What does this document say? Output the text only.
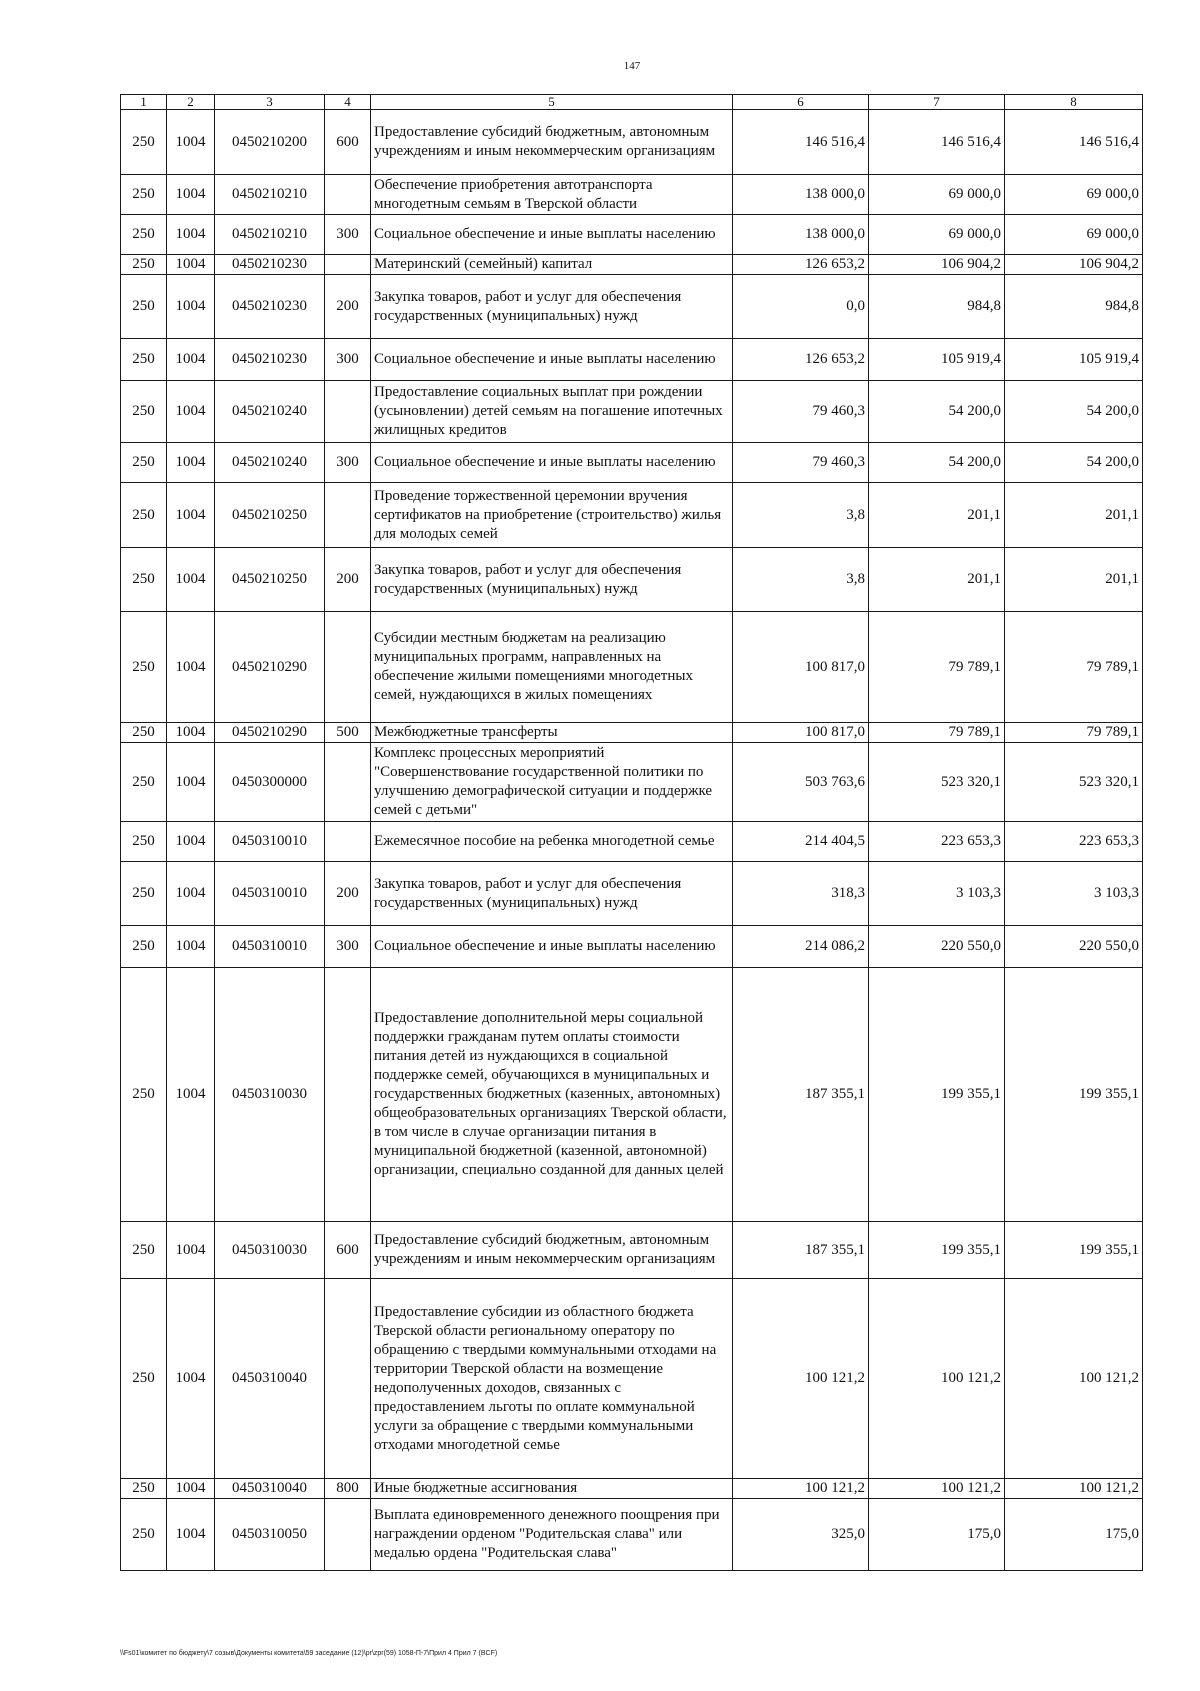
147
1	2	3	4	5	6	7	8
250	1004	0450210200	600	Предоставление субсидий бюджетным, автономным учреждениям и иным некоммерческим организациям	146 516,4	146 516,4	146 516,4
250	1004	0450210210		Обеспечение приобретения автотранспорта многодетным семьям в Тверской области	138 000,0	69 000,0	69 000,0
250	1004	0450210210	300	Социальное обеспечение и иные выплаты населению	138 000,0	69 000,0	69 000,0
250	1004	0450210230		Материнский (семейный) капитал	126 653,2	106 904,2	106 904,2
250	1004	0450210230	200	Закупка товаров, работ и услуг для обеспечения государственных (муниципальных) нужд	0,0	984,8	984,8
250	1004	0450210230	300	Социальное обеспечение и иные выплаты населению	126 653,2	105 919,4	105 919,4
250	1004	0450210240		Предоставление социальных выплат при рождении (усыновлении) детей семьям на погашение ипотечных жилищных кредитов	79 460,3	54 200,0	54 200,0
250	1004	0450210240	300	Социальное обеспечение и иные выплаты населению	79 460,3	54 200,0	54 200,0
250	1004	0450210250		Проведение торжественной церемонии вручения сертификатов на приобретение (строительство) жилья для молодых семей	3,8	201,1	201,1
250	1004	0450210250	200	Закупка товаров, работ и услуг для обеспечения государственных (муниципальных) нужд	3,8	201,1	201,1
250	1004	0450210290		Субсидии местным бюджетам на реализацию муниципальных программ, направленных на обеспечение жилыми помещениями многодетных семей, нуждающихся в жилых помещениях	100 817,0	79 789,1	79 789,1
250	1004	0450210290	500	Межбюджетные трансферты	100 817,0	79 789,1	79 789,1
250	1004	0450300000		Комплекс процессных мероприятий "Совершенствование государственной политики по улучшению демографической ситуации и поддержке семей с детьми"	503 763,6	523 320,1	523 320,1
250	1004	0450310010		Ежемесячное пособие на ребенка многодетной семье	214 404,5	223 653,3	223 653,3
250	1004	0450310010	200	Закупка товаров, работ и услуг для обеспечения государственных (муниципальных) нужд	318,3	3 103,3	3 103,3
250	1004	0450310010	300	Социальное обеспечение и иные выплаты населению	214 086,2	220 550,0	220 550,0
250	1004	0450310030		Предоставление дополнительной меры социальной поддержки гражданам путем оплаты стоимости питания детей из нуждающихся в социальной поддержке семей, обучающихся в муниципальных и государственных бюджетных (казенных, автономных) общеобразовательных организациях Тверской области, в том числе в случае организации питания в муниципальной бюджетной (казенной, автономной) организации, специально созданной для данных целей	187 355,1	199 355,1	199 355,1
250	1004	0450310030	600	Предоставление субсидий бюджетным, автономным учреждениям и иным некоммерческим организациям	187 355,1	199 355,1	199 355,1
250	1004	0450310040		Предоставление субсидии из областного бюджета Тверской области региональному оператору по обращению с твердыми коммунальными отходами на территории Тверской области на возмещение недополученных доходов, связанных с предоставлением льготы по оплате коммунальной услуги за обращение с твердыми коммунальными отходами многодетной семье	100 121,2	100 121,2	100 121,2
250	1004	0450310040	800	Иные бюджетные ассигнования	100 121,2	100 121,2	100 121,2
250	1004	0450310050		Выплата единовременного денежного поощрения при награждении орденом "Родительская слава" или медалью ордена "Родительская слава"	325,0	175,0	175,0
\\Fs01\комитет по бюджету\7 созыв\Документы комитета\59 заседание (12)\pr\zpr(59) 1058-П-7\Прил 4 Прил 7 (BCF)
